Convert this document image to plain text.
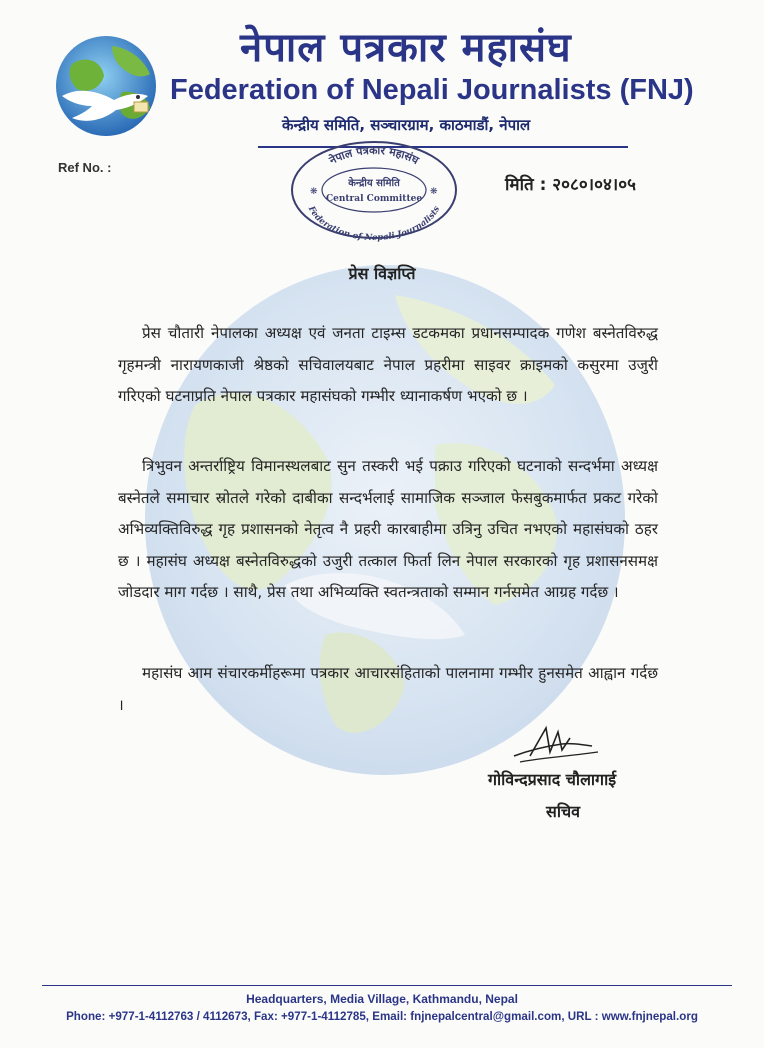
नेपाल पत्रकार महासंघ
Federation of Nepali Journalists (FNJ)
केन्द्रीय समिति, सञ्चारग्राम, काठमाडौं, नेपाल
Ref No. :
नेपाल पत्रकार महासंघ
Federation of Nepali Journalists
केन्द्रीय समिति
Central Committee
❋	❋	मिति : २०८०।०४।०५
प्रेस विज्ञप्ति

प्रेस चौतारी नेपालका अध्यक्ष एवं जनता टाइम्स डटकमका प्रधानसम्पादक गणेश बस्नेतविरुद्ध गृहमन्त्री नारायणकाजी श्रेष्ठको सचिवालयबाट नेपाल प्रहरीमा साइवर क्राइमको कसुरमा उजुरी गरिएको घटनाप्रति नेपाल पत्रकार महासंघको गम्भीर ध्यानाकर्षण भएको छ ।

त्रिभुवन अन्तर्राष्ट्रिय विमानस्थलबाट सुन तस्करी भई पक्राउ गरिएको घटनाको सन्दर्भमा अध्यक्ष बस्नेतले समाचार स्रोतले गरेको दाबीका सन्दर्भलाई सामाजिक सञ्जाल फेसबुकमार्फत प्रकट गरेको अभिव्यक्तिविरुद्ध गृह प्रशासनको नेतृत्व नै प्रहरी कारबाहीमा उत्रिनु उचित नभएको महासंघको ठहर छ । महासंघ अध्यक्ष बस्नेतविरुद्धको उजुरी तत्काल फिर्ता लिन नेपाल सरकारको गृह प्रशासनसमक्ष जोडदार माग गर्दछ । साथै, प्रेस तथा अभिव्यक्ति स्वतन्त्रताको सम्मान गर्नसमेत आग्रह गर्दछ ।

महासंघ आम संचारकर्मीहरूमा पत्रकार आचारसंहिताको पालनामा गम्भीर हुनसमेत आह्वान गर्दछ ।

गोविन्दप्रसाद चौलागाई
सचिव
Headquarters, Media Village, Kathmandu, Nepal
Phone: +977-1-4112763 / 4112673, Fax: +977-1-4112785, Email: fnjnepalcentral@gmail.com, URL : www.fnjnepal.org
